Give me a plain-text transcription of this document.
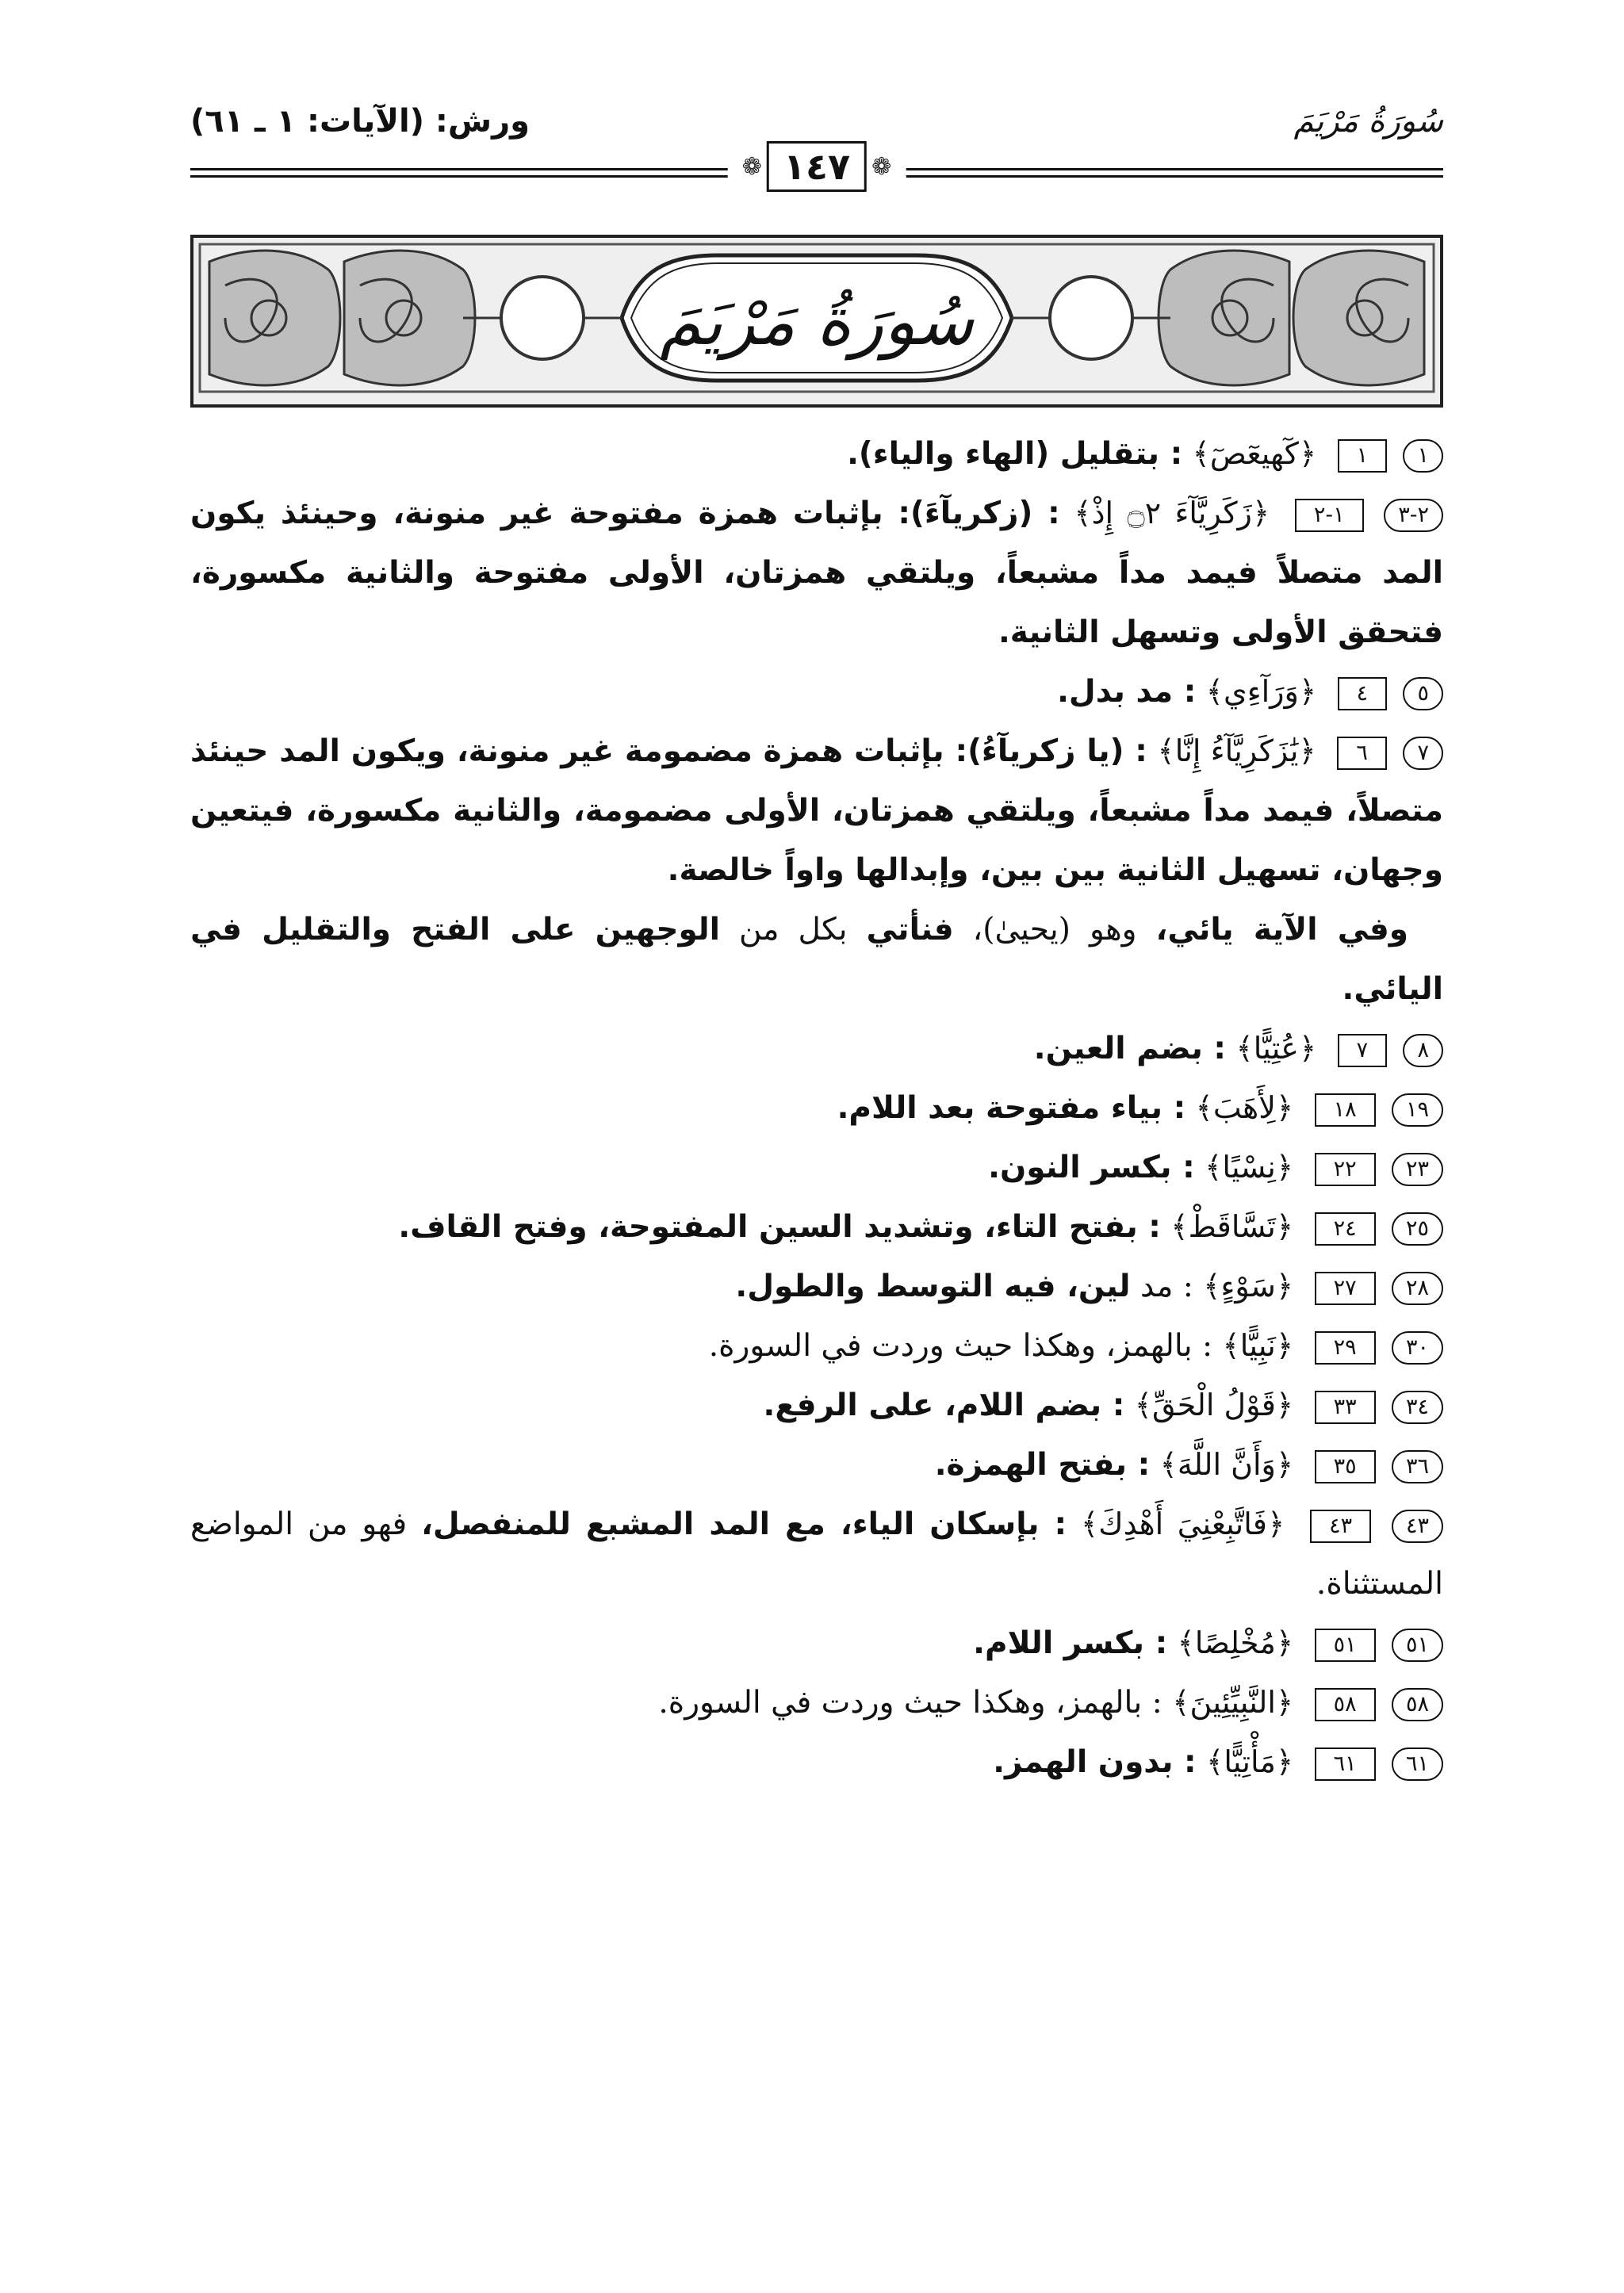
سُورَةُ مَرْيَمَ
ورش: (الآيات: ١ ـ ٦١)
❁ ١٤٧ ❁
سُورَةُ مَرْيَمَ
١ ١ ﴿كٓهيعٓصٓ﴾ : بتقليل (الهاء والياء).
٢-٣ ١-٢ ﴿زَكَرِيَّآءَ ۝٢ إِذْ﴾ : (زكريآءَ): بإثبات همزة مفتوحة غير منونة، وحينئذ يكون المد متصلاً فيمد مداً مشبعاً، ويلتقي همزتان، الأولى مفتوحة والثانية مكسورة، فتحقق الأولى وتسهل الثانية.
٥ ٤ ﴿وَرَآءِي﴾ : مد بدل.
٧ ٦ ﴿يَٰزَكَرِيَّآءُ إِنَّا﴾ : (يا زكريآءُ): بإثبات همزة مضمومة غير منونة، ويكون المد حينئذ متصلاً، فيمد مداً مشبعاً، ويلتقي همزتان، الأولى مضمومة، والثانية مكسورة، فيتعين وجهان، تسهيل الثانية بين بين، وإبدالها واواً خالصة.
وفي الآية يائي، وهو (يحيىٰ)، فنأتي بكل من الوجهين على الفتح والتقليل في اليائي.
٨ ٧ ﴿عُتِيًّا﴾ : بضم العين.
١٩ ١٨ ﴿لِأَهَبَ﴾ : بياء مفتوحة بعد اللام.
٢٣ ٢٢ ﴿نِسْيًا﴾ : بكسر النون.
٢٥ ٢٤ ﴿تَسَّاقَطْ﴾ : بفتح التاء، وتشديد السين المفتوحة، وفتح القاف.
٢٨ ٢٧ ﴿سَوْءٍ﴾ : مد لين، فيه التوسط والطول.
٣٠ ٢٩ ﴿نَبِيًّا﴾ : بالهمز، وهكذا حيث وردت في السورة.
٣٤ ٣٣ ﴿قَوْلُ الْحَقِّ﴾ : بضم اللام، على الرفع.
٣٦ ٣٥ ﴿وَأَنَّ اللَّهَ﴾ : بفتح الهمزة.
٤٣ ٤٣ ﴿فَاتَّبِعْنِيَ أَهْدِكَ﴾ : بإسكان الياء، مع المد المشبع للمنفصل، فهو من المواضع المستثناة.
٥١ ٥١ ﴿مُخْلِصًا﴾ : بكسر اللام.
٥٨ ٥٨ ﴿النَّبِيِّئِينَ﴾ : بالهمز، وهكذا حيث وردت في السورة.
٦١ ٦١ ﴿مَأْتِيًّا﴾ : بدون الهمز.
